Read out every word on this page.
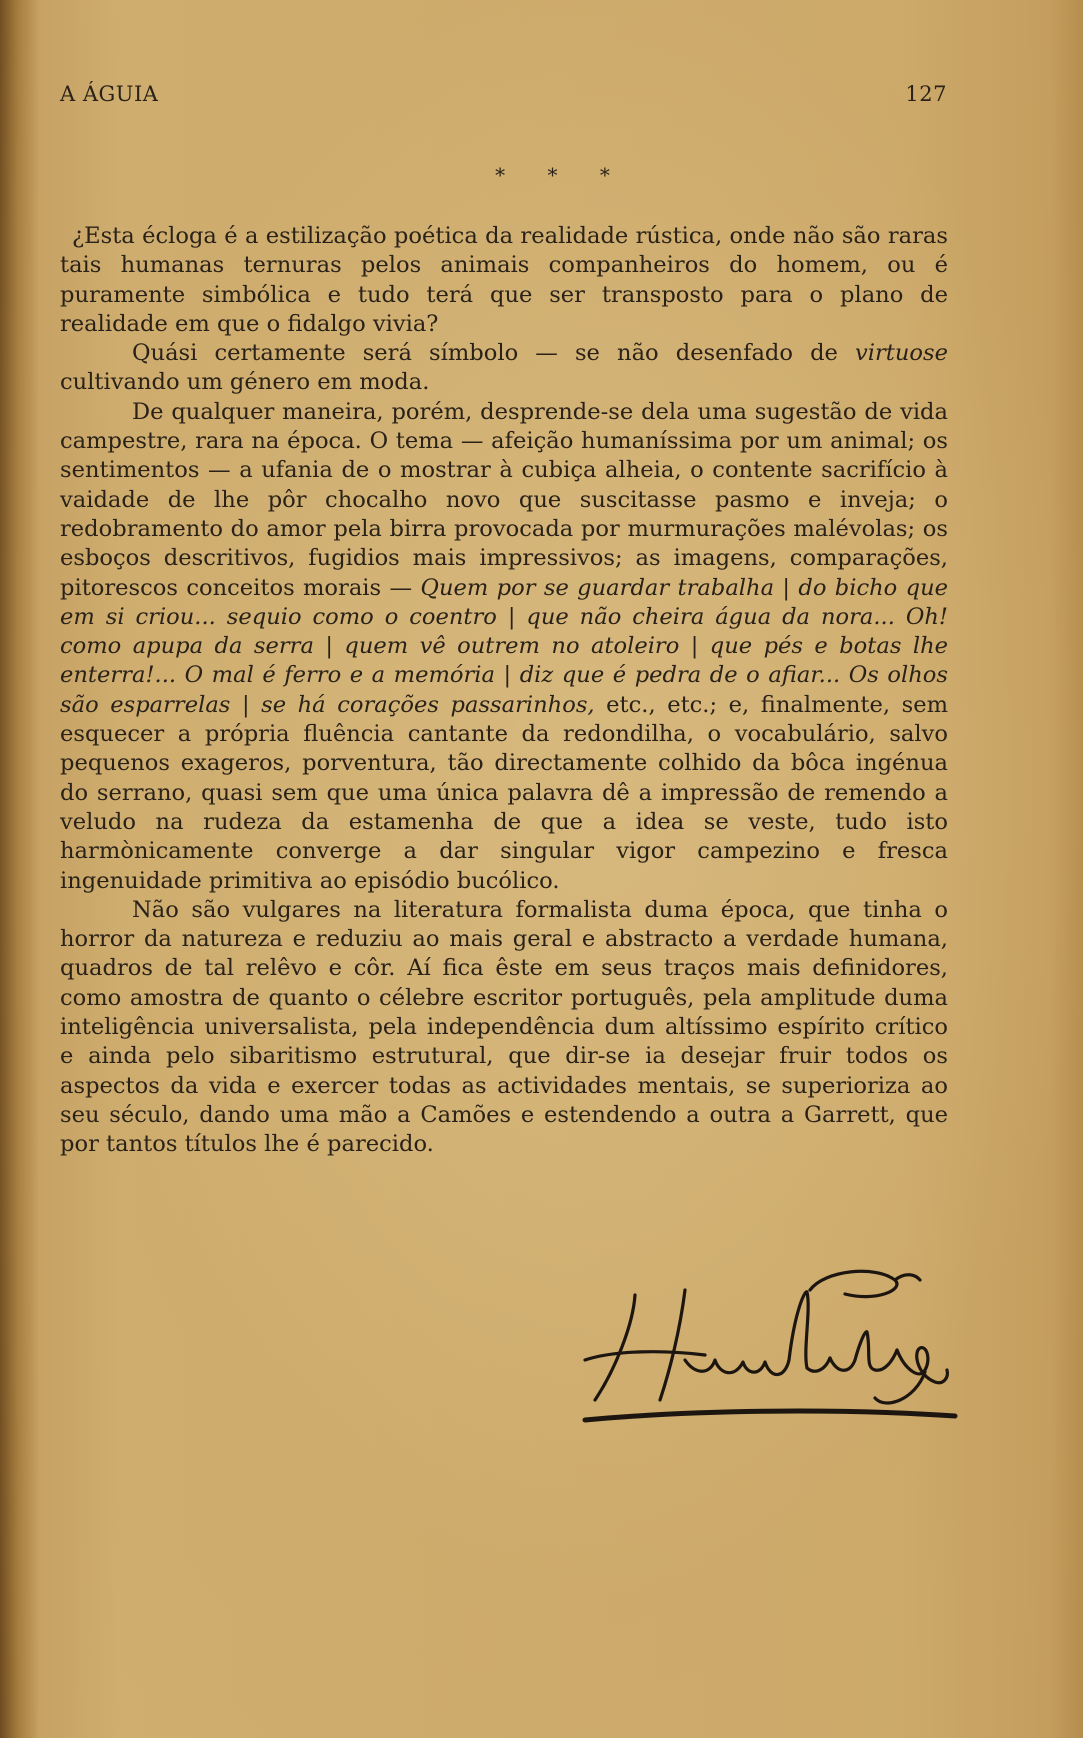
A ÁGUIA	127
* * *

¿Esta écloga é a estilização poética da realidade rústica, onde não são raras tais humanas ternuras pelos animais companheiros do homem, ou é puramente simbólica e tudo terá que ser transposto para o plano de realidade em que o fidalgo vivia?

Quási certamente será símbolo — se não desenfado de virtuose cultivando um género em moda.

De qualquer maneira, porém, desprende-se dela uma sugestão de vida campestre, rara na época. O tema — afeição humaníssima por um animal; os sentimentos — a ufania de o mostrar à cubiça alheia, o contente sacrifício à vaidade de lhe pôr chocalho novo que suscitasse pasmo e inveja; o redobramento do amor pela birra provocada por murmurações malévolas; os esboços descritivos, fugidios mais impressivos; as imagens, comparações, pitorescos conceitos morais — Quem por se guardar trabalha | do bicho que em si criou... sequio como o coentro | que não cheira água da nora... Oh! como apupa da serra | quem vê outrem no atoleiro | que pés e botas lhe enterra!... O mal é ferro e a memória | diz que é pedra de o afiar... Os olhos são esparrelas | se há corações passarinhos, etc., etc.; e, finalmente, sem esquecer a própria fluência cantante da redondilha, o vocabulário, salvo pequenos exageros, porventura, tão directamente colhido da bôca ingénua do serrano, quasi sem que uma única palavra dê a impressão de remendo a veludo na rudeza da estamenha de que a idea se veste, tudo isto harmònicamente converge a dar singular vigor campezino e fresca ingenuidade primitiva ao episódio bucólico.

Não são vulgares na literatura formalista duma época, que tinha o horror da natureza e reduziu ao mais geral e abstracto a verdade humana, quadros de tal relêvo e côr. Aí fica êste em seus traços mais definidores, como amostra de quanto o célebre escritor português, pela amplitude duma inteligência universalista, pela independência dum altíssimo espírito crítico e ainda pelo sibaritismo estrutural, que dir-se ia desejar fruir todos os aspectos da vida e exercer todas as actividades mentais, se superioriza ao seu século, dando uma mão a Camões e estendendo a outra a Garrett, que por tantos títulos lhe é parecido.
